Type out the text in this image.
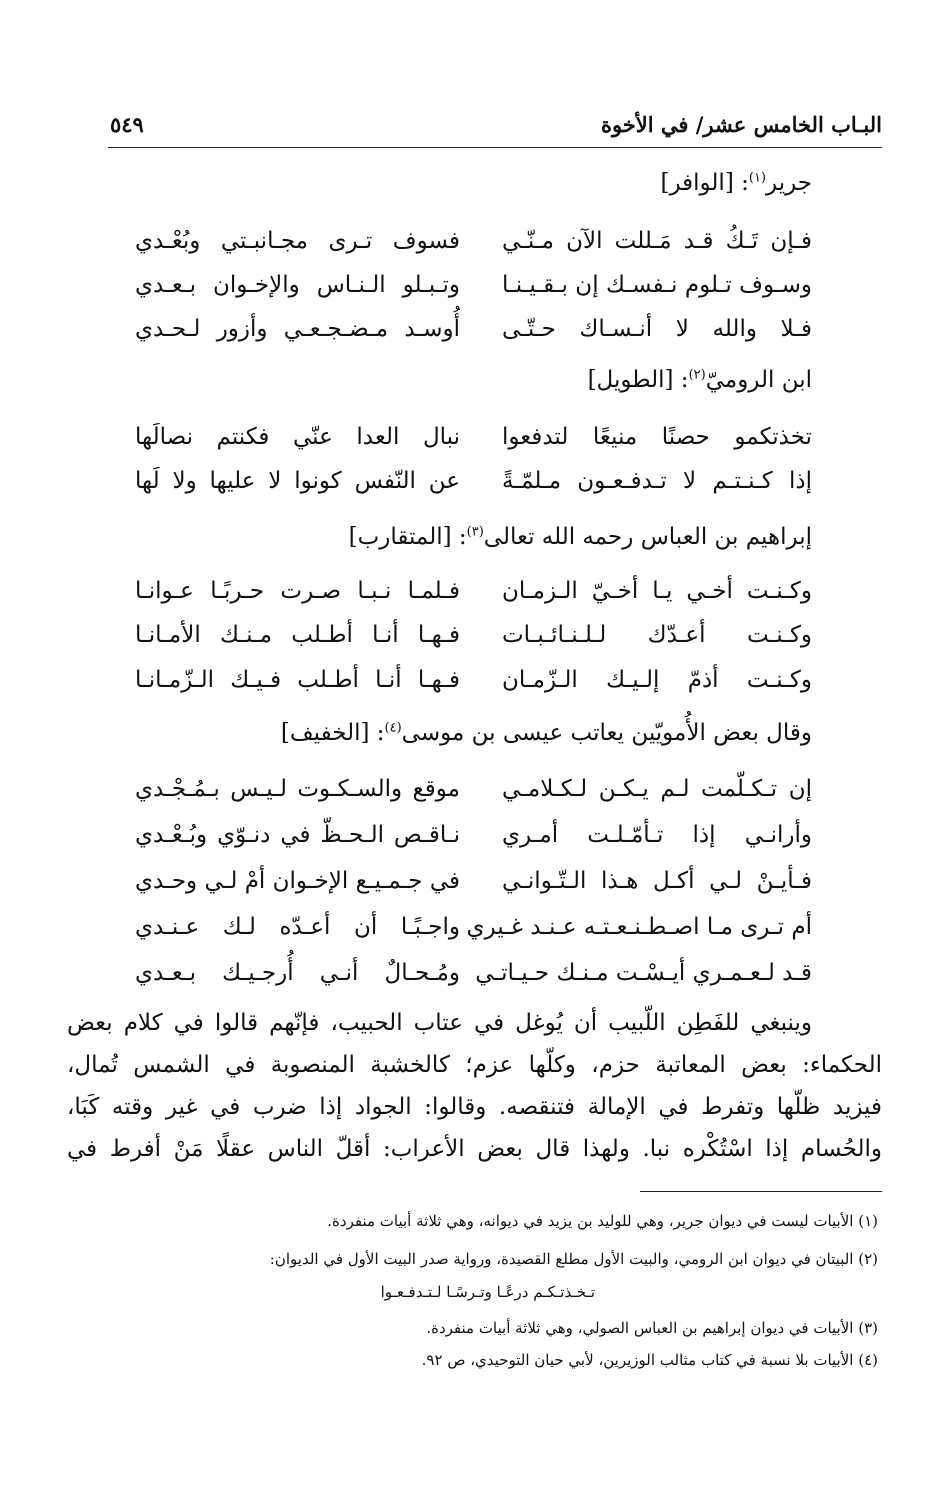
البـاب الخامس عشر/ في الأخوة
٥٤٩
جرير$^{(١)}$: [الوافر]
فـإن تَـكُ قـد مَـللت الآن مـنّـي
فسوف تـرى مجـانبـتي وبُعْـدي
وسـوف تـلوم نـفسـك إن بـقـيـنـا
وتـبـلو الـنـاس والإخـوان بـعـدي
فـلا والله لا أنـسـاك حـتّـى
أُوسـد مـضـجـعـي وأزور لـحـدي
ابن الروميّ$^{(٢)}$: [الطويل]
تخذتكمو حصنًا منيعًا لتدفعوا
نبال العدا عنّي فكنتم نصالَها
إذا كـنـتـم لا تـدفـعـون مـلمّـةً
عن النّفس كونوا لا عليها ولا لَها
إبراهيم بن العباس رحمه الله تعالى$^{(٣)}$: [المتقارب]
وكـنـت أخـي يـا أخـيّ الـزمـان
فـلمـا نـبـا صـرت حـربًـا عـوانـا
وكـنـت أعـدّك لـلـنـائـبـات
فـهـا أنـا أطـلب مـنـك الأمـانـا
وكـنـت أذمّ إلـيـك الـزّمـان
فـهـا أنـا أطـلب فـيـك الـزّمـانـا
وقال بعض الأُمويّين يعاتب عيسى بن موسى$^{(٤)}$: [الخفيف]
إن تـكـلّمت لـم يـكـن لـكـلامـي
موقع والسـكـوت لـيـس بـمُـجْـدي
وأرانـي إذا تـأمّـلـت أمـري
نـاقـص الـحـظّ في دنـوّي وبُـعْـدي
فـأيـنْ لـي أكـل هـذا الـتّـوانـي
في جـمـيـع الإخـوان أمْ لـي وحـدي
أم تـرى مـا اصـطـنـعـتـه عـنـد غـيري
واجـبًـا أن أعـدّه لـك عـنـدي
قـد لـعـمـري أيـسْـت مـنـك حـيـاتـي
ومُـحـالٌ أنـي أُرجـيـك بـعـدي
وينبغي للفَطِن اللّبيب أن يُوغل في عتاب الحبيب، فإنّهم قالوا في كلام بعض
الحكماء: بعض المعاتبة حزم، وكلّها عزم؛ كالخشبة المنصوبة في الشمس تُمال،
فيزيد ظلّها وتفرط في الإمالة فتنقصه. وقالوا: الجواد إذا ضرب في غير وقته كَبَا،
والحُسام إذا اسْتُكْره نبا. ولهذا قال بعض الأعراب: أقلّ الناس عقلًا مَنْ أفرط في
(١) الأبيات ليست في ديوان جرير، وهي للوليد بن يزيد في ديوانه، وهي ثلاثة أبيات منفردة.
(٢) البيتان في ديوان ابن الرومي، والبيت الأول مطلع القصيدة، ورواية صدر البيت الأول في الديوان:
تـخـذتـكـم درعًـا وتـرسًـا لـتـدفـعـوا
(٣) الأبيات في ديوان إبراهيم بن العباس الصولي، وهي ثلاثة أبيات منفردة.
(٤) الأبيات بلا نسبة في كتاب مثالب الوزيرين، لأبي حيان التوحيدي، ص ٩٢.
